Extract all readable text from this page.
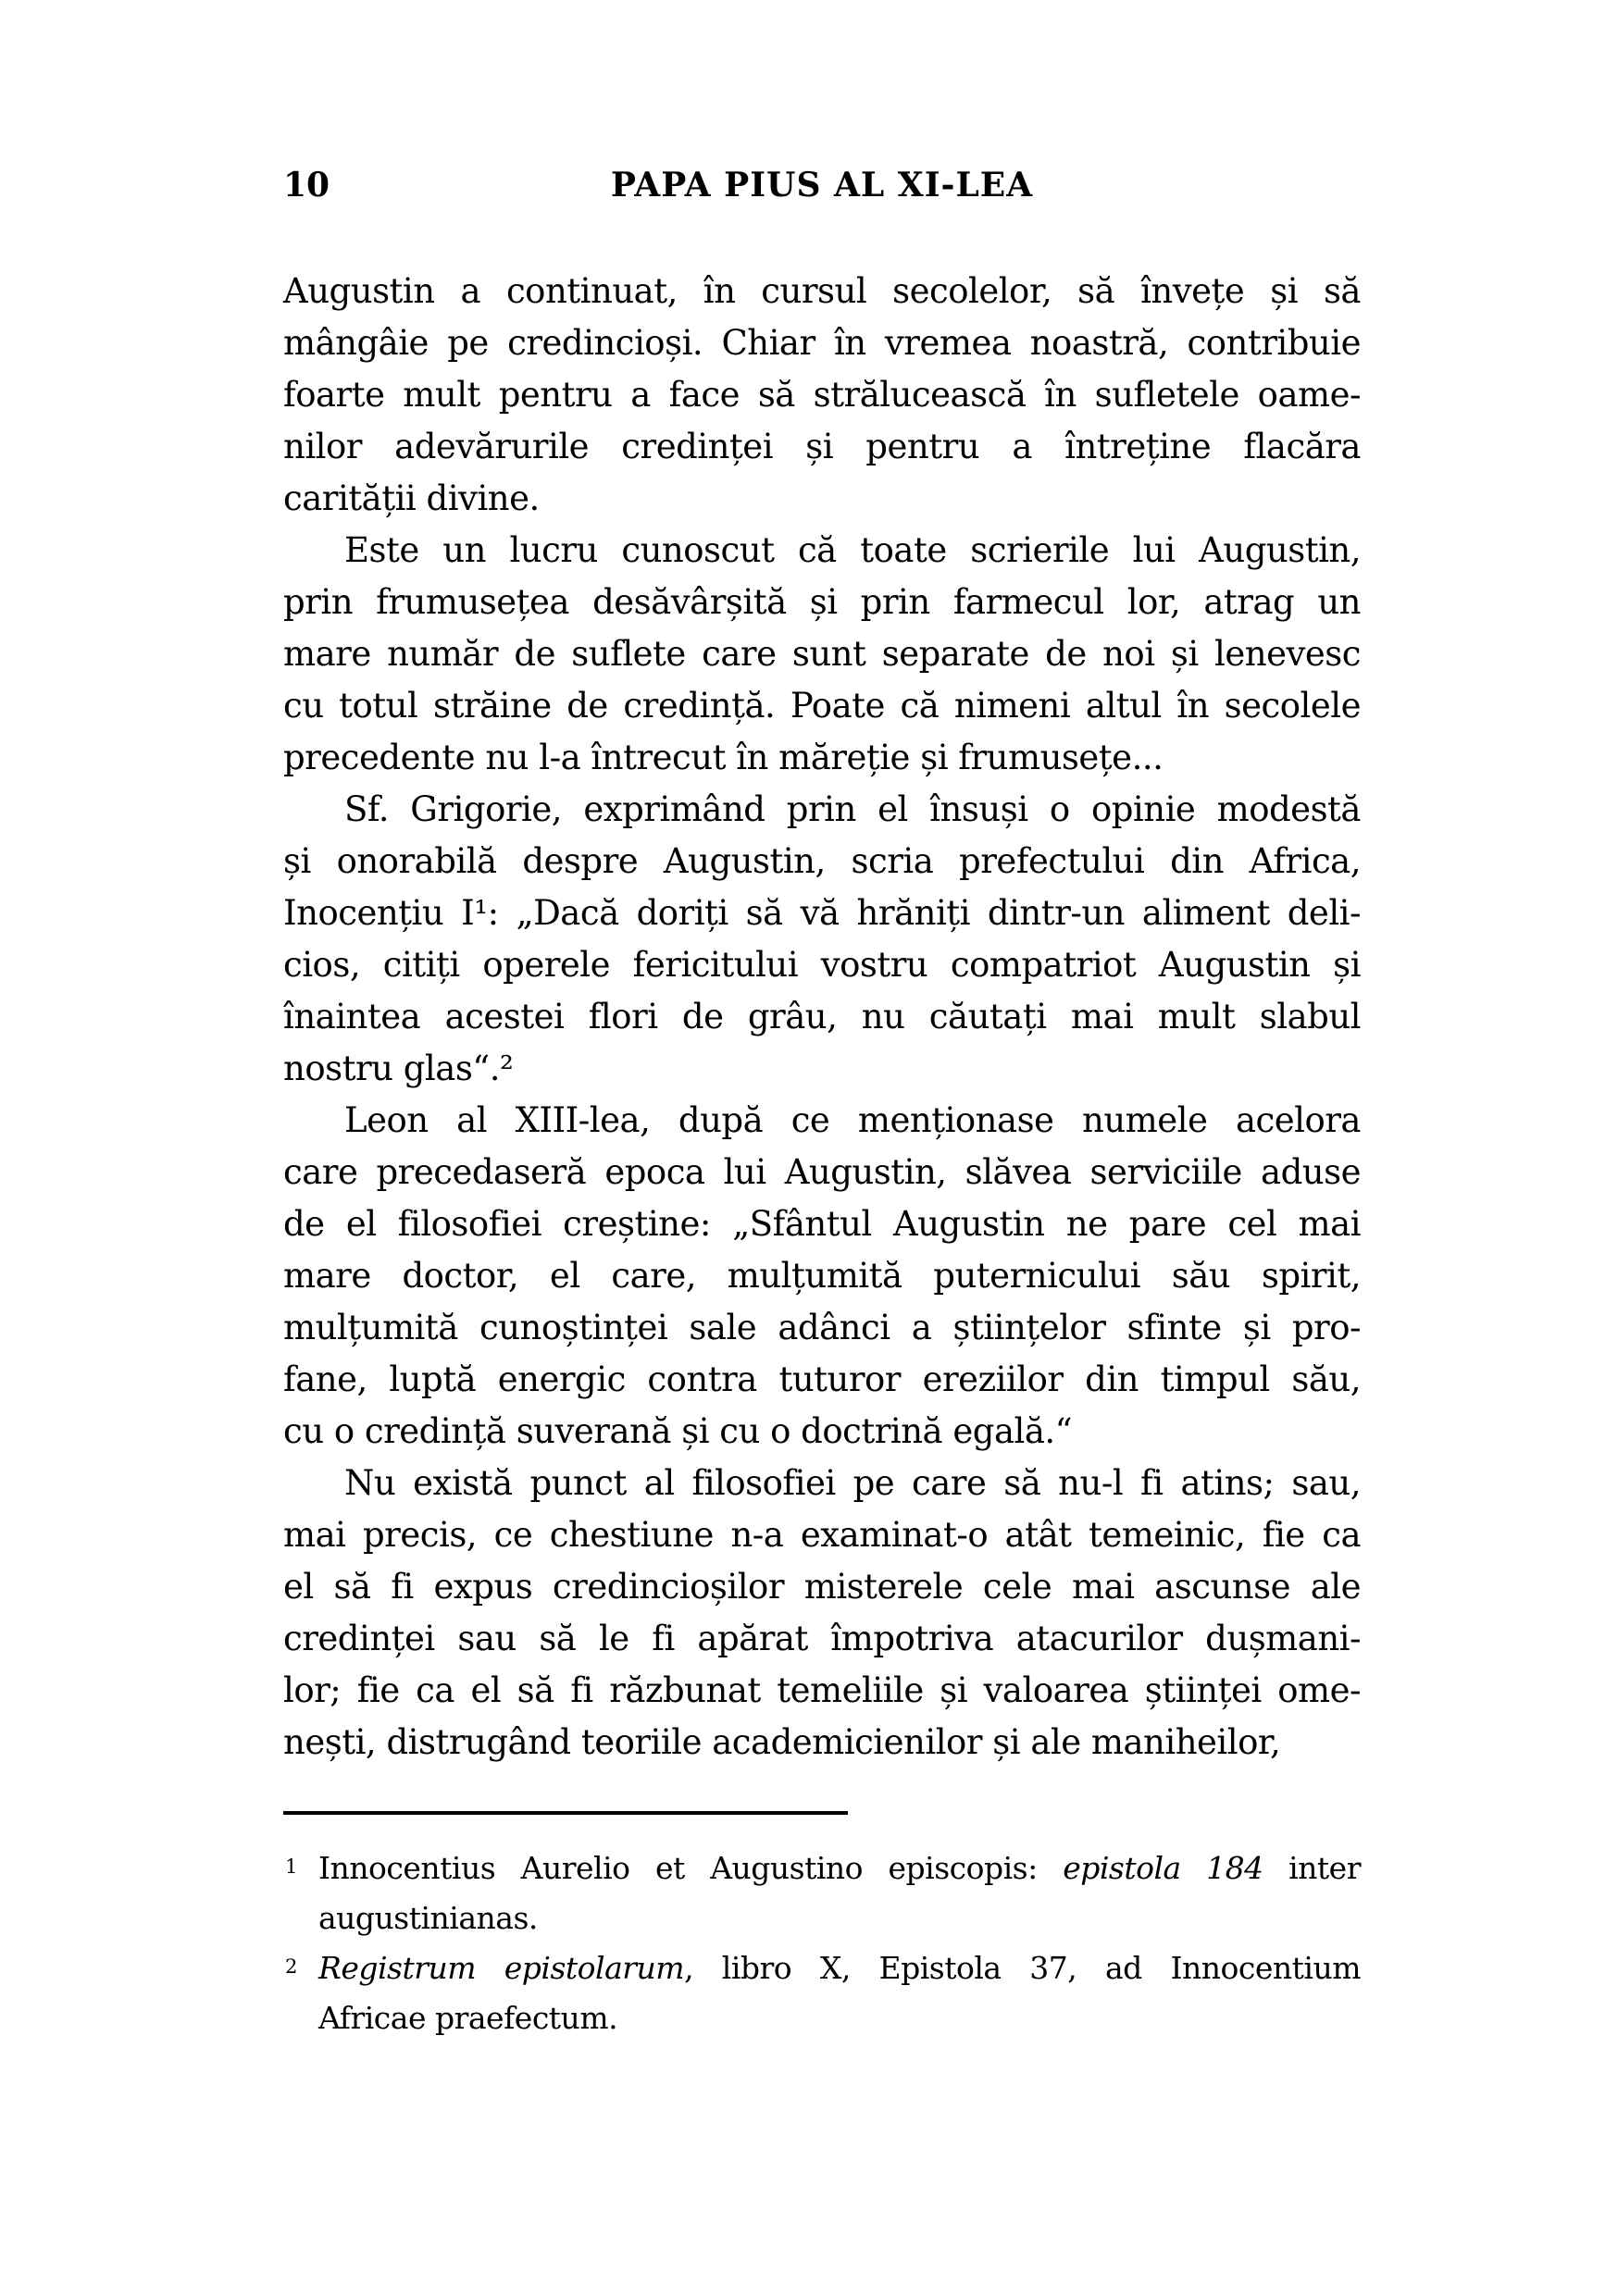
10	PAPA PIUS AL XI-LEA
Augustin a continuat, în cursul secolelor, să învețe și să
mângâie pe credincioși. Chiar în vremea noastră, contribuie
foarte mult pentru a face să strălucească în sufletele oame-
nilor adevărurile credinței și pentru a întreține flacăra
carității divine.
Este un lucru cunoscut că toate scrierile lui Augustin,
prin frumusețea desăvârșită și prin farmecul lor, atrag un
mare număr de suflete care sunt separate de noi și lenevesc
cu totul străine de credință. Poate că nimeni altul în secolele
precedente nu l-a întrecut în măreție și frumusețe...
Sf. Grigorie, exprimând prin el însuși o opinie modestă
și onorabilă despre Augustin, scria prefectului din Africa,
Inocențiu I¹: „Dacă doriți să vă hrăniți dintr-un aliment deli-
cios, citiți operele fericitului vostru compatriot Augustin și
înaintea acestei flori de grâu, nu căutați mai mult slabul
nostru glas“.²
Leon al XIII-lea, după ce menționase numele acelora
care precedaseră epoca lui Augustin, slăvea serviciile aduse
de el filosofiei creștine: „Sfântul Augustin ne pare cel mai
mare doctor, el care, mulțumită puternicului său spirit,
mulțumită cunoștinței sale adânci a științelor sfinte și pro-
fane, luptă energic contra tuturor ereziilor din timpul său,
cu o credință suverană și cu o doctrină egală.“
Nu există punct al filosofiei pe care să nu-l fi atins; sau,
mai precis, ce chestiune n-a examinat-o atât temeinic, fie ca
el să fi expus credincioșilor misterele cele mai ascunse ale
credinței sau să le fi apărat împotriva atacurilor dușmani-
lor; fie ca el să fi răzbunat temeliile și valoarea științei ome-
nești, distrugând teoriile academicienilor și ale maniheilor,
1 Innocentius Aurelio et Augustino episcopis: epistola 184 inter
augustinianas.
2 Registrum epistolarum, libro X, Epistola 37, ad Innocentium
Africae praefectum.
